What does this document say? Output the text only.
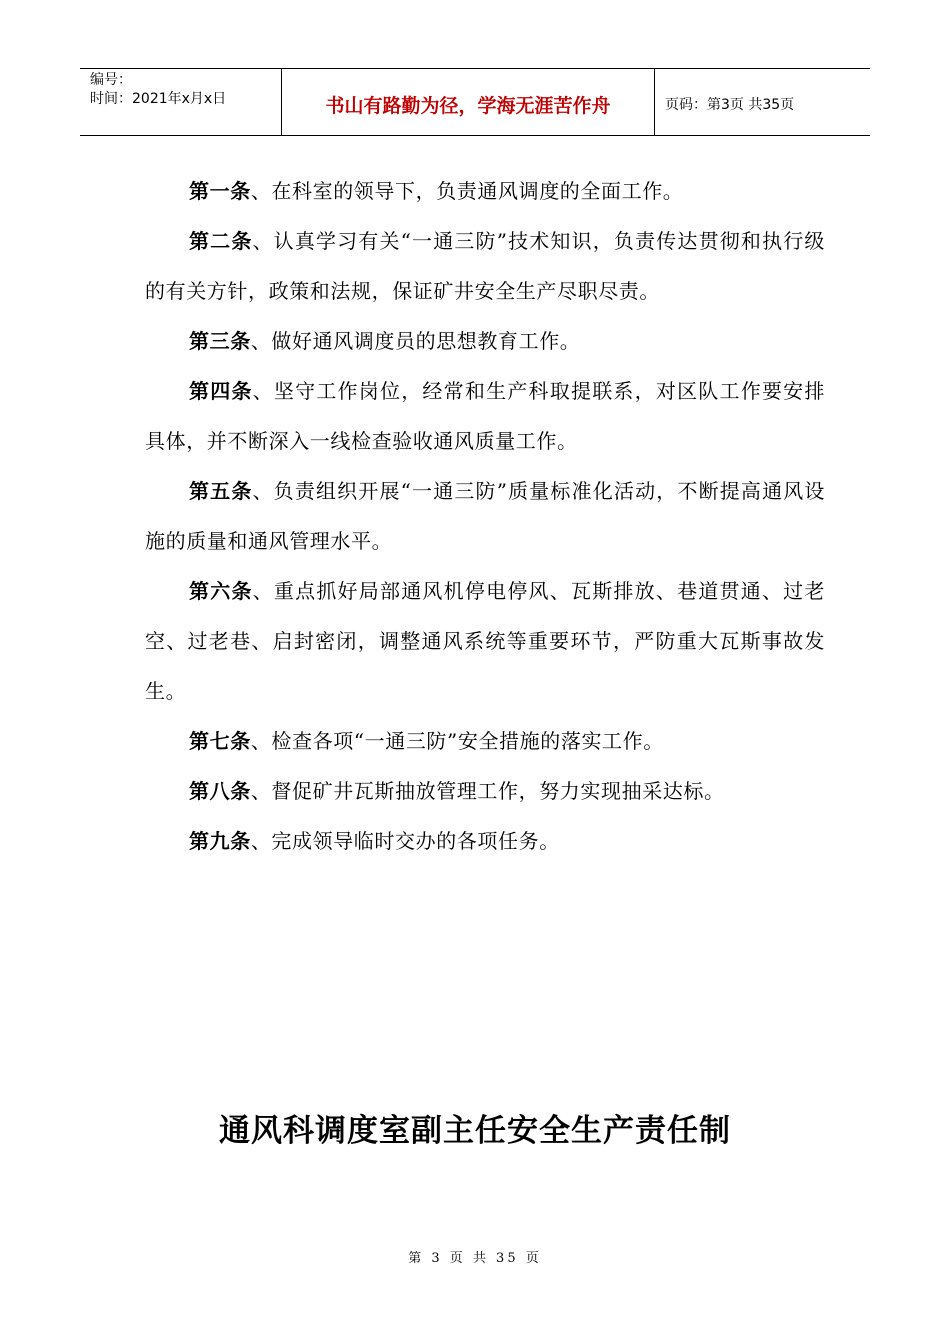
编号：
时间：2021年x月x日	书山有路勤为径，学海无涯苦作舟	页码：第3页 共35页

第一条、在科室的领导下，负责通风调度的全面工作。

第二条、认真学习有关“一通三防”技术知识，负责传达贯彻和执行级的有关方针，政策和法规，保证矿井安全生产尽职尽责。

第三条、做好通风调度员的思想教育工作。

第四条、坚守工作岗位，经常和生产科取提联系，对区队工作要安排具体，并不断深入一线检查验收通风质量工作。

第五条、负责组织开展“一通三防”质量标准化活动，不断提高通风设施的质量和通风管理水平。

第六条、重点抓好局部通风机停电停风、瓦斯排放、巷道贯通、过老空、过老巷、启封密闭，调整通风系统等重要环节，严防重大瓦斯事故发生。

第七条、检查各项“一通三防”安全措施的落实工作。

第八条、督促矿井瓦斯抽放管理工作，努力实现抽采达标。

第九条、完成领导临时交办的各项任务。

通风科调度室副主任安全生产责任制
第 3 页 共 35 页
